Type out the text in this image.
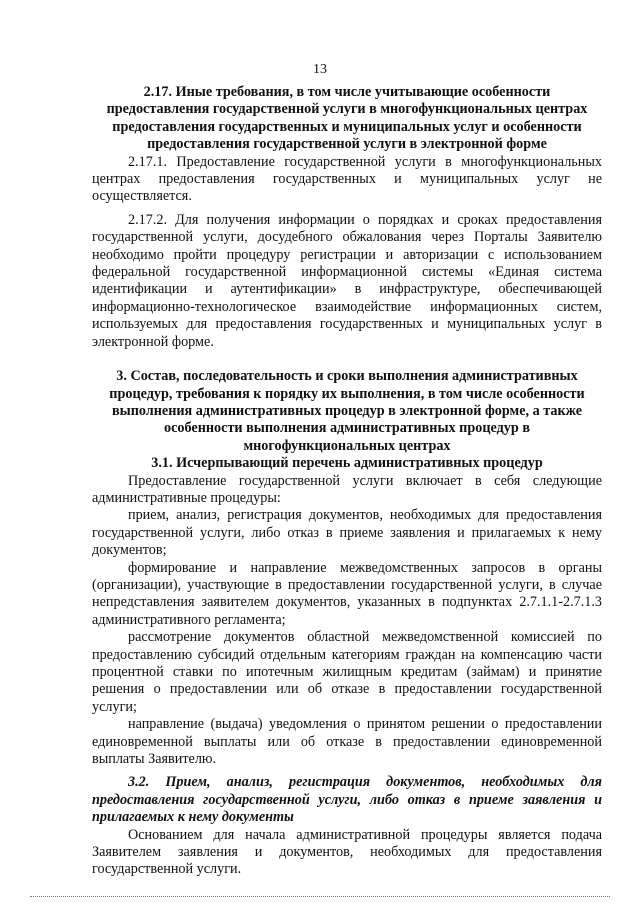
13
2.17. Иные требования, в том числе учитывающие особенности
предоставления государственной услуги в многофункциональных центрах
предоставления государственных и муниципальных услуг и особенности
предоставления государственной услуги в электронной форме

2.17.1. Предоставление государственной услуги в многофункциональных центрах предоставления государственных и муниципальных услуг не осуществляется.

2.17.2. Для получения информации о порядках и сроках предоставления государственной услуги, досудебного обжалования через Порталы Заявителю необходимо пройти процедуру регистрации и авторизации с использованием федеральной государственной информационной системы «Единая система идентификации и аутентификации» в инфраструктуре, обеспечивающей информационно-технологическое взаимодействие информационных систем, используемых для предоставления государственных и муниципальных услуг в электронной форме.

3. Состав, последовательность и сроки выполнения административных
процедур, требования к порядку их выполнения, в том числе особенности
выполнения административных процедур в электронной форме, а также
особенности выполнения административных процедур в
многофункциональных центрах
3.1. Исчерпывающий перечень административных процедур

Предоставление государственной услуги включает в себя следующие административные процедуры:

прием, анализ, регистрация документов, необходимых для предоставления государственной услуги, либо отказ в приеме заявления и прилагаемых к нему документов;

формирование и направление межведомственных запросов в органы (организации), участвующие в предоставлении государственной услуги, в случае непредставления заявителем документов, указанных в подпунктах 2.7.1.1-2.7.1.3 административного регламента;

рассмотрение документов областной межведомственной комиссией по предоставлению субсидий отдельным категориям граждан на компенсацию части процентной ставки по ипотечным жилищным кредитам (займам) и принятие решения о предоставлении или об отказе в предоставлении государственной услуги;

направление (выдача) уведомления о принятом решении о предоставлении единовременной выплаты или об отказе в предоставлении единовременной выплаты Заявителю.

3.2. Прием, анализ, регистрация документов, необходимых для предоставления государственной услуги, либо отказ в приеме заявления и прилагаемых к нему документы

Основанием для начала административной процедуры является подача Заявителем заявления и документов, необходимых для предоставления государственной услуги.
